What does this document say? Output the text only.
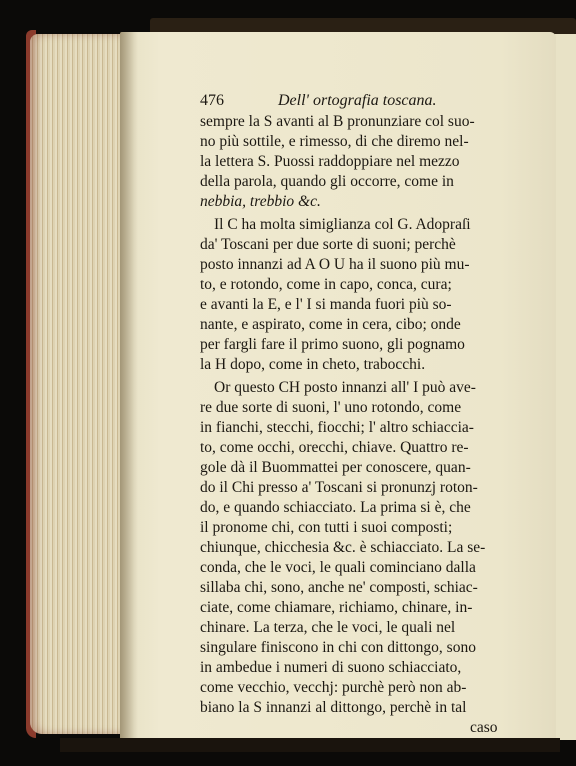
476	Dell' ortografia toscana.
sempre la S avanti al B pronunziare col suo-
no più sottile, e rimesso, di che diremo nel-
la lettera S. Puossi raddoppiare nel mezzo
della parola, quando gli occorre, come in
nebbia, trebbio &c.
Il C ha molta simiglianza col G. Adopraſi
da' Toscani per due sorte di suoni; perchè
posto innanzi ad A O U ha il suono più mu-
to, e rotondo, come in capo, conca, cura;
e avanti la E, e l' I si manda fuori più so-
nante, e aspirato, come in cera, cibo; onde
per fargli fare il primo suono, gli pognamo
la H dopo, come in cheto, trabocchi.
Or questo CH posto innanzi all' I può ave-
re due sorte di suoni, l' uno rotondo, come
in fianchi, stecchi, fiocchi; l' altro schiaccia-
to, come occhi, orecchi, chiave. Quattro re-
gole dà il Buommattei per conoscere, quan-
do il Chi presso a' Toscani si pronunzj roton-
do, e quando schiacciato. La prima si è, che
il pronome chi, con tutti i suoi composti;
chiunque, chicchesia &c. è schiacciato. La se-
conda, che le voci, le quali cominciano dalla
sillaba chi, sono, anche ne' composti, schiac-
ciate, come chiamare, richiamo, chinare, in-
chinare. La terza, che le voci, le quali nel
singulare finiscono in chi con dittongo, sono
in ambedue i numeri di suono schiacciato,
come vecchio, vecchj: purchè però non ab-
biano la S innanzi al dittongo, perchè in tal
caso
